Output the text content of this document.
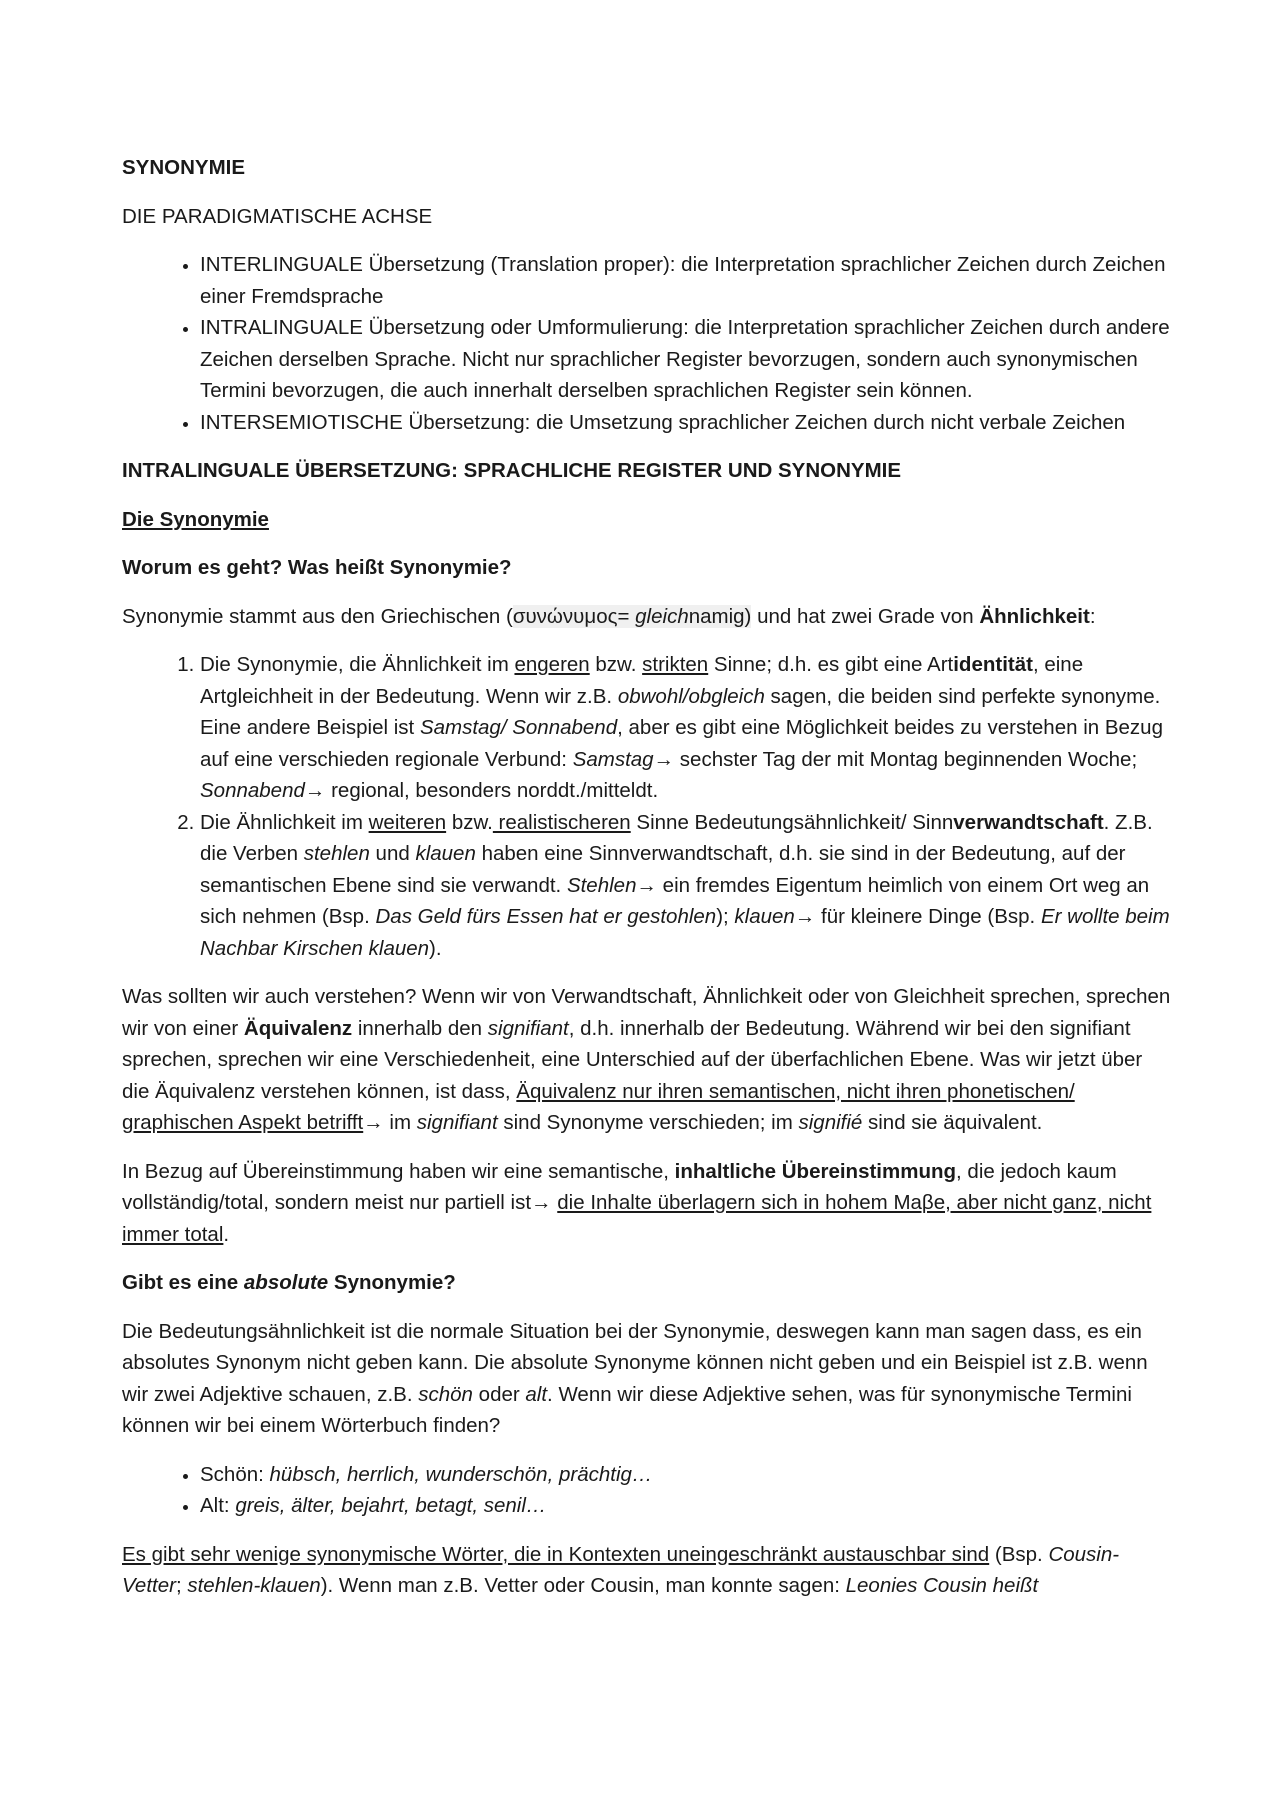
SYNONYMIE

DIE PARADIGMATISCHE ACHSE

• INTERLINGUALE Übersetzung (Translation proper): die Interpretation sprachlicher Zeichen durch Zeichen einer Fremdsprache
• INTRALINGUALE Übersetzung oder Umformulierung: die Interpretation sprachlicher Zeichen durch andere Zeichen derselben Sprache. Nicht nur sprachlicher Register bevorzugen, sondern auch synonymischen Termini bevorzugen, die auch innerhalt derselben sprachlichen Register sein können.
• INTERSEMIOTISCHE Übersetzung: die Umsetzung sprachlicher Zeichen durch nicht verbale Zeichen

INTRALINGUALE ÜBERSETZUNG: SPRACHLICHE REGISTER UND SYNONYMIE

Die Synonymie

Worum es geht? Was heißt Synonymie?

Synonymie stammt aus den Griechischen (συνώνυμος= gleichnamig) und hat zwei Grade von Ähnlichkeit:

1. Die Synonymie, die Ähnlichkeit im engeren bzw. strikten Sinne; d.h. es gibt eine Artidentität, eine Artgleichheit in der Bedeutung. Wenn wir z.B. obwohl/obgleich sagen, die beiden sind perfekte synonyme. Eine andere Beispiel ist Samstag/ Sonnabend, aber es gibt eine Möglichkeit beides zu verstehen in Bezug auf eine verschieden regionale Verbund: Samstag→ sechster Tag der mit Montag beginnenden Woche; Sonnabend→ regional, besonders norddt./mitteldt.
2. Die Ähnlichkeit im weiteren bzw. realistischeren Sinne Bedeutungsähnlichkeit/ Sinnverwandtschaft. Z.B. die Verben stehlen und klauen haben eine Sinnverwandtschaft, d.h. sie sind in der Bedeutung, auf der semantischen Ebene sind sie verwandt. Stehlen→ ein fremdes Eigentum heimlich von einem Ort weg an sich nehmen (Bsp. Das Geld fürs Essen hat er gestohlen); klauen→ für kleinere Dinge (Bsp. Er wollte beim Nachbar Kirschen klauen).

Was sollten wir auch verstehen? Wenn wir von Verwandtschaft, Ähnlichkeit oder von Gleichheit sprechen, sprechen wir von einer Äquivalenz innerhalb den signifiant, d.h. innerhalb der Bedeutung. Während wir bei den signifiant sprechen, sprechen wir eine Verschiedenheit, eine Unterschied auf der überfachlichen Ebene. Was wir jetzt über die Äquivalenz verstehen können, ist dass, Äquivalenz nur ihren semantischen, nicht ihren phonetischen/ graphischen Aspekt betrifft→ im signifiant sind Synonyme verschieden; im signifié sind sie äquivalent.

In Bezug auf Übereinstimmung haben wir eine semantische, inhaltliche Übereinstimmung, die jedoch kaum vollständig/total, sondern meist nur partiell ist→ die Inhalte überlagern sich in hohem Maβe, aber nicht ganz, nicht immer total.

Gibt es eine absolute Synonymie?

Die Bedeutungsähnlichkeit ist die normale Situation bei der Synonymie, deswegen kann man sagen dass, es ein absolutes Synonym nicht geben kann. Die absolute Synonyme können nicht geben und ein Beispiel ist z.B. wenn wir zwei Adjektive schauen, z.B. schön oder alt. Wenn wir diese Adjektive sehen, was für synonymische Termini können wir bei einem Wörterbuch finden?

• Schön: hübsch, herrlich, wunderschön, prächtig…
• Alt: greis, älter, bejahrt, betagt, senil…

Es gibt sehr wenige synonymische Wörter, die in Kontexten uneingeschränkt austauschbar sind (Bsp. Cousin- Vetter; stehlen-klauen). Wenn man z.B. Vetter oder Cousin, man konnte sagen: Leonies Cousin heißt
